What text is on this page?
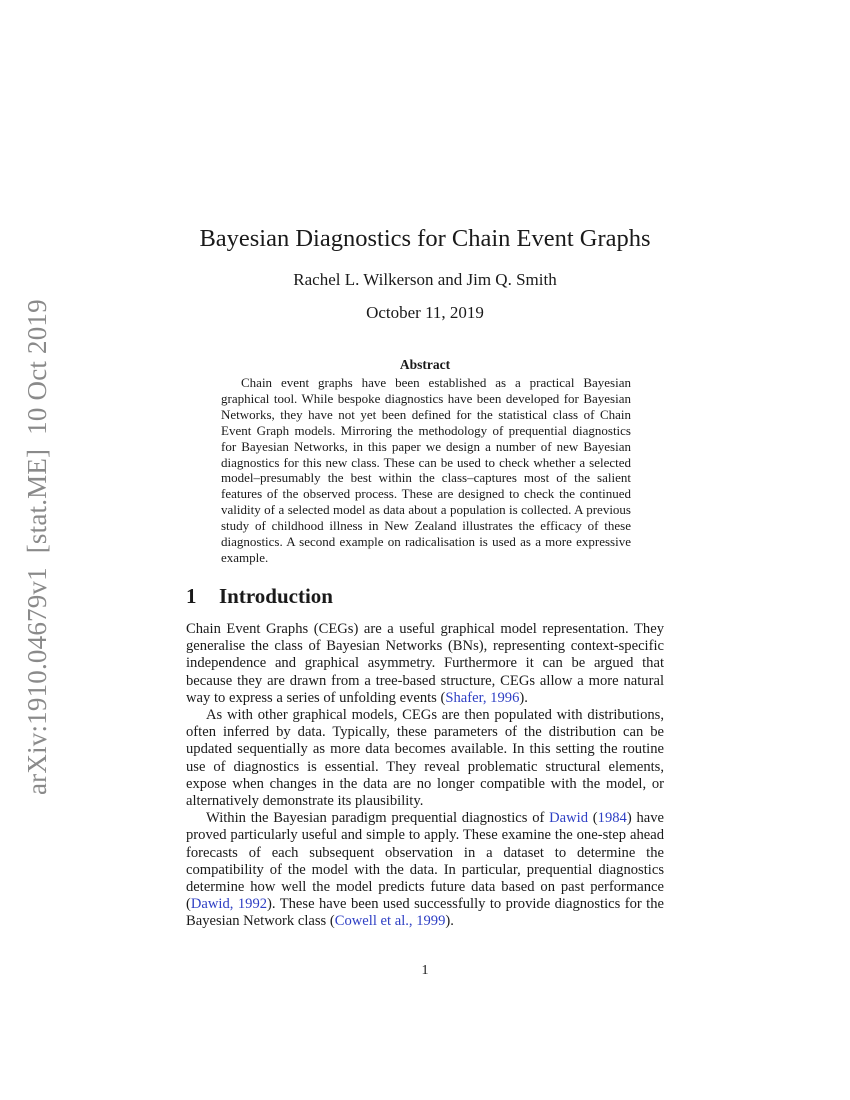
arXiv:1910.04679v1  [stat.ME]  10 Oct 2019
Bayesian Diagnostics for Chain Event Graphs
Rachel L. Wilkerson and Jim Q. Smith
October 11, 2019
Abstract
Chain event graphs have been established as a practical Bayesian graphical tool. While bespoke diagnostics have been developed for Bayesian Networks, they have not yet been defined for the statistical class of Chain Event Graph models. Mirroring the methodology of prequential diagnostics for Bayesian Networks, in this paper we design a number of new Bayesian diagnostics for this new class. These can be used to check whether a selected model–presumably the best within the class–captures most of the salient features of the observed process. These are designed to check the continued validity of a selected model as data about a population is collected. A previous study of childhood illness in New Zealand illustrates the efficacy of these diagnostics. A second example on radicalisation is used as a more expressive example.
1 Introduction

Chain Event Graphs (CEGs) are a useful graphical model representation. They generalise the class of Bayesian Networks (BNs), representing context-specific independence and graphical asymmetry. Furthermore it can be argued that because they are drawn from a tree-based structure, CEGs allow a more natural way to express a series of unfolding events (Shafer, 1996).

As with other graphical models, CEGs are then populated with distributions, often inferred by data. Typically, these parameters of the distribution can be updated sequentially as more data becomes available. In this setting the routine use of diagnostics is essential. They reveal problematic structural elements, expose when changes in the data are no longer compatible with the model, or alternatively demonstrate its plausibility.

Within the Bayesian paradigm prequential diagnostics of Dawid (1984) have proved particularly useful and simple to apply. These examine the one-step ahead forecasts of each subsequent observation in a dataset to determine the compatibility of the model with the data. In particular, prequential diagnostics determine how well the model predicts future data based on past performance (Dawid, 1992). These have been used successfully to provide diagnostics for the Bayesian Network class (Cowell et al., 1999).

1
